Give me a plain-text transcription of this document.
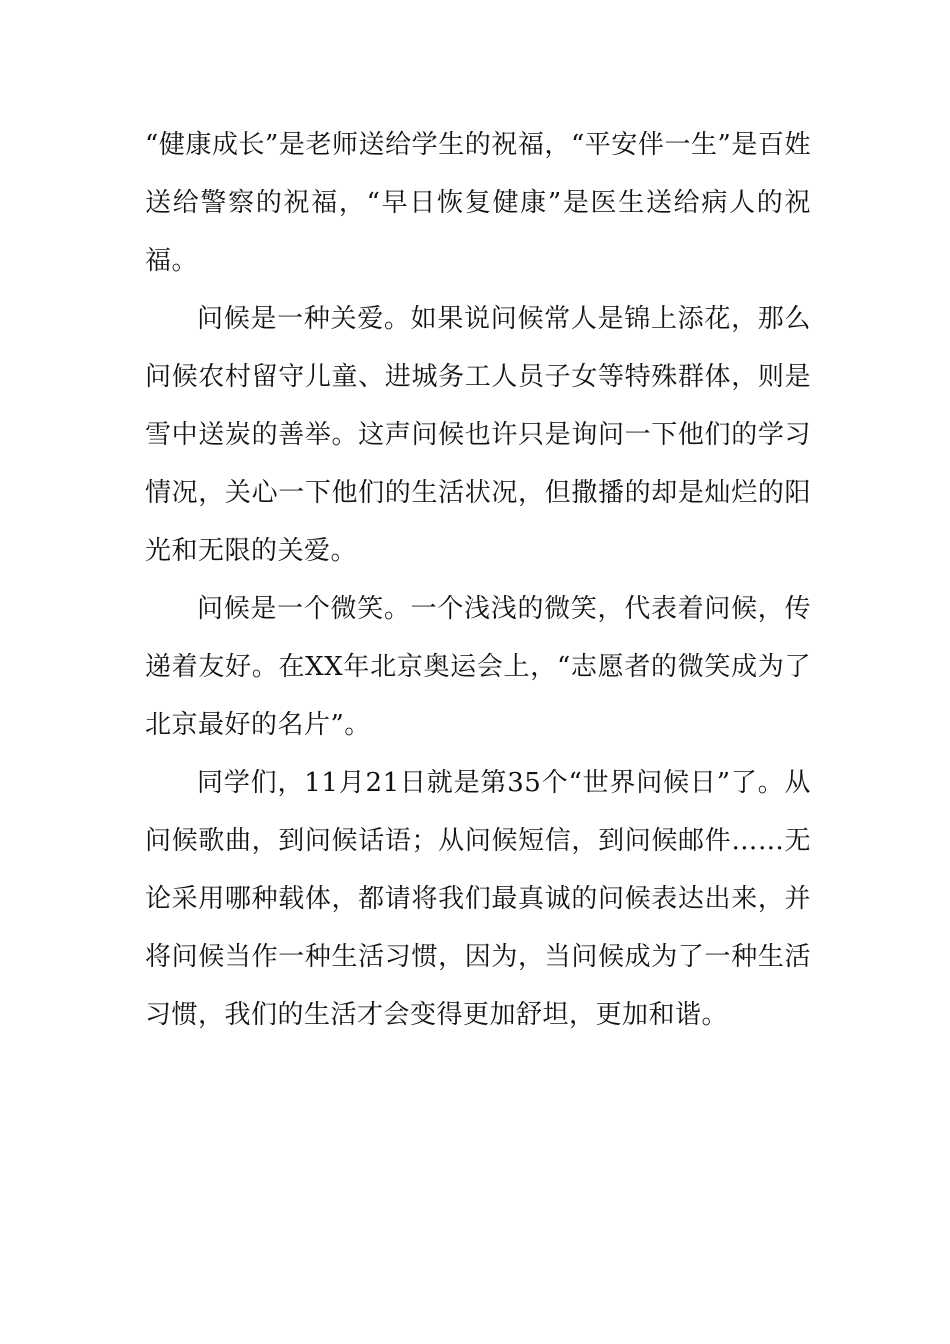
“健康成长”是老师送给学生的祝福，“平安伴一生”是百姓送给警察的祝福，“早日恢复健康”是医生送给病人的祝福。

问候是一种关爱。如果说问候常人是锦上添花，那么问候农村留守儿童、进城务工人员子女等特殊群体，则是雪中送炭的善举。这声问候也许只是询问一下他们的学习情况，关心一下他们的生活状况，但撒播的却是灿烂的阳光和无限的关爱。

问候是一个微笑。一个浅浅的微笑，代表着问候，传递着友好。在XX年北京奥运会上，“志愿者的微笑成为了北京最好的名片”。

同学们，11月21日就是第35个“世界问候日”了。从问候歌曲，到问候话语；从问候短信，到问候邮件……无论采用哪种载体，都请将我们最真诚的问候表达出来，并将问候当作一种生活习惯，因为，当问候成为了一种生活习惯，我们的生活才会变得更加舒坦，更加和谐。
